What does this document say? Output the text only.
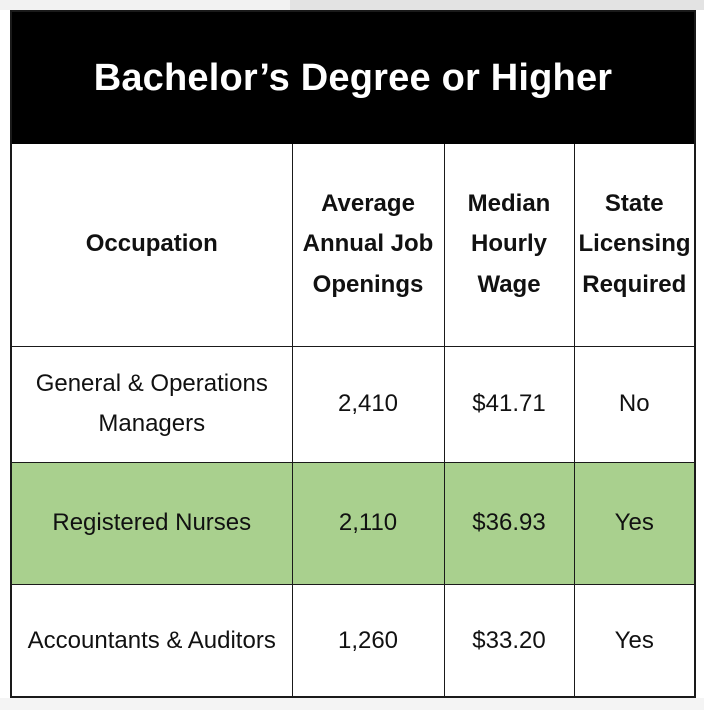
Bachelor’s Degree or Higher
Occupation	Average Annual Job Openings	Median Hourly Wage	State Licensing Required
General & Operations Managers	2,410	$41.71	No
Registered Nurses	2,110	$36.93	Yes
Accountants & Auditors	1,260	$33.20	Yes
